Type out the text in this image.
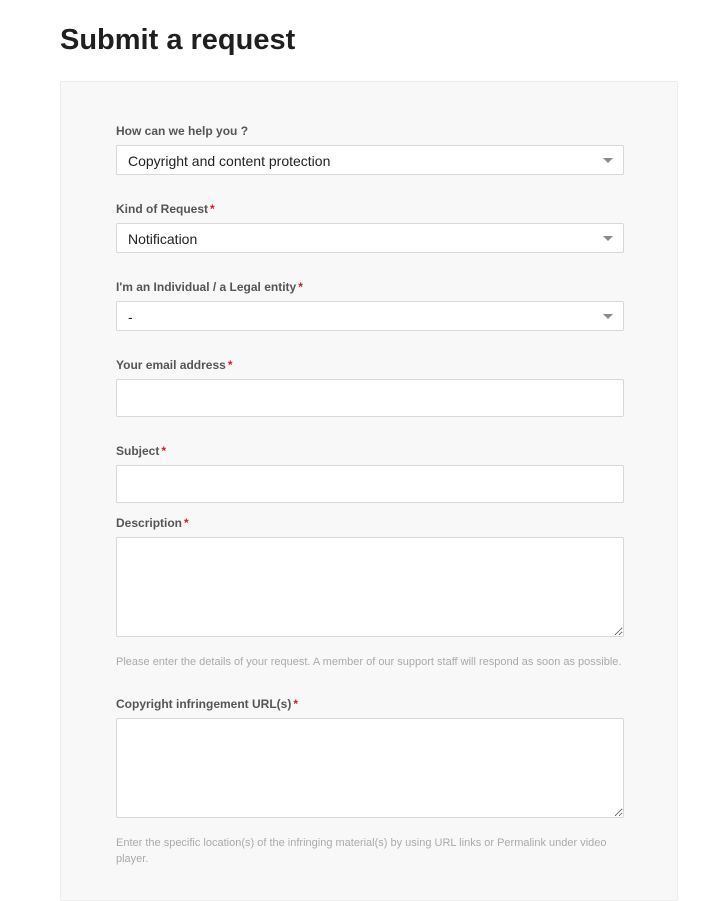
Submit a request
How can we help you ?
Copyright and content protection
Kind of Request *
Notification
I'm an Individual / a Legal entity *
-
Your email address *
Subject *
Description *
Please enter the details of your request. A member of our support staff will respond as soon as possible.
Copyright infringement URL(s) *
Enter the specific location(s) of the infringing material(s) by using URL links or Permalink under video player.
